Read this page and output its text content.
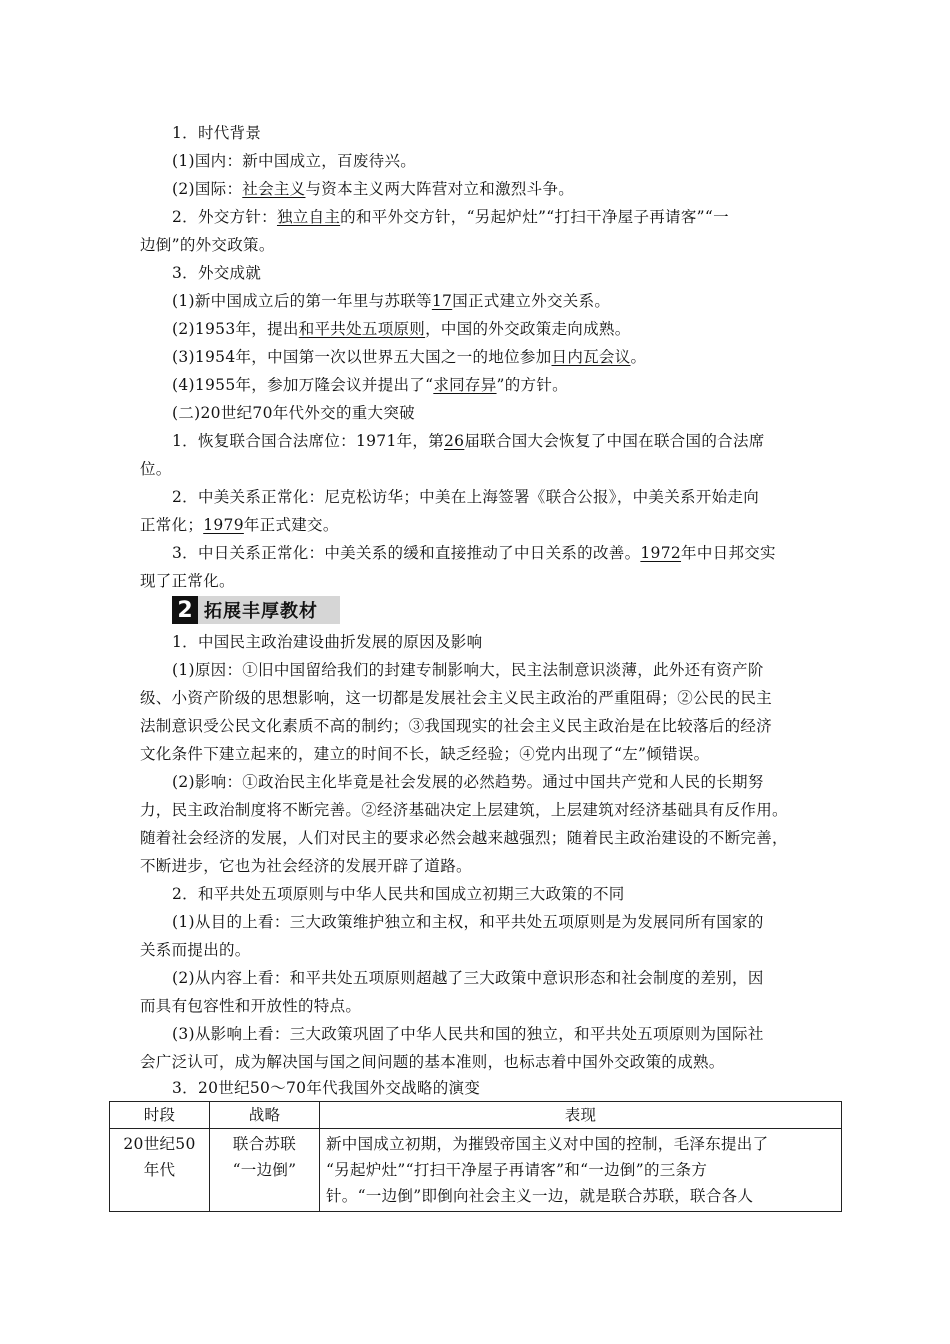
1．时代背景
(1)国内：新中国成立，百废待兴。
(2)国际：社会主义与资本主义两大阵营对立和激烈斗争。
2．外交方针：独立自主的和平外交方针，“另起炉灶”“打扫干净屋子再请客”“一
边倒”的外交政策。
3．外交成就
(1)新中国成立后的第一年里与苏联等17国正式建立外交关系。
(2)1953年，提出和平共处五项原则，中国的外交政策走向成熟。
(3)1954年，中国第一次以世界五大国之一的地位参加日内瓦会议。
(4)1955年，参加万隆会议并提出了“求同存异”的方针。
(二)20世纪70年代外交的重大突破
1．恢复联合国合法席位：1971年，第26届联合国大会恢复了中国在联合国的合法席
位。
2．中美关系正常化：尼克松访华；中美在上海签署《联合公报》，中美关系开始走向
正常化；1979年正式建交。
3．中日关系正常化：中美关系的缓和直接推动了中日关系的改善。1972年中日邦交实
现了正常化。
2 拓展丰厚教材
1．中国民主政治建设曲折发展的原因及影响
(1)原因：①旧中国留给我们的封建专制影响大，民主法制意识淡薄，此外还有资产阶
级、小资产阶级的思想影响，这一切都是发展社会主义民主政治的严重阻碍；②公民的民主
法制意识受公民文化素质不高的制约；③我国现实的社会主义民主政治是在比较落后的经济
文化条件下建立起来的，建立的时间不长，缺乏经验；④党内出现了“左”倾错误。
(2)影响：①政治民主化毕竟是社会发展的必然趋势。通过中国共产党和人民的长期努
力，民主政治制度将不断完善。②经济基础决定上层建筑，上层建筑对经济基础具有反作用。
随着社会经济的发展，人们对民主的要求必然会越来越强烈；随着民主政治建设的不断完善，
不断进步，它也为社会经济的发展开辟了道路。
2．和平共处五项原则与中华人民共和国成立初期三大政策的不同
(1)从目的上看：三大政策维护独立和主权，和平共处五项原则是为发展同所有国家的
关系而提出的。
(2)从内容上看：和平共处五项原则超越了三大政策中意识形态和社会制度的差别，因
而具有包容性和开放性的特点。
(3)从影响上看：三大政策巩固了中华人民共和国的独立，和平共处五项原则为国际社
会广泛认可，成为解决国与国之间问题的基本准则，也标志着中国外交政策的成熟。
3．20世纪50～70年代我国外交战略的演变
时段	战略	表现

20世纪50
年代	联合苏联
“一边倒”	新中国成立初期，为摧毁帝国主义对中国的控制，毛泽东提出了
“另起炉灶”“打扫干净屋子再请客”和“一边倒”的三条方
针。“一边倒”即倒向社会主义一边，就是联合苏联，联合各人
